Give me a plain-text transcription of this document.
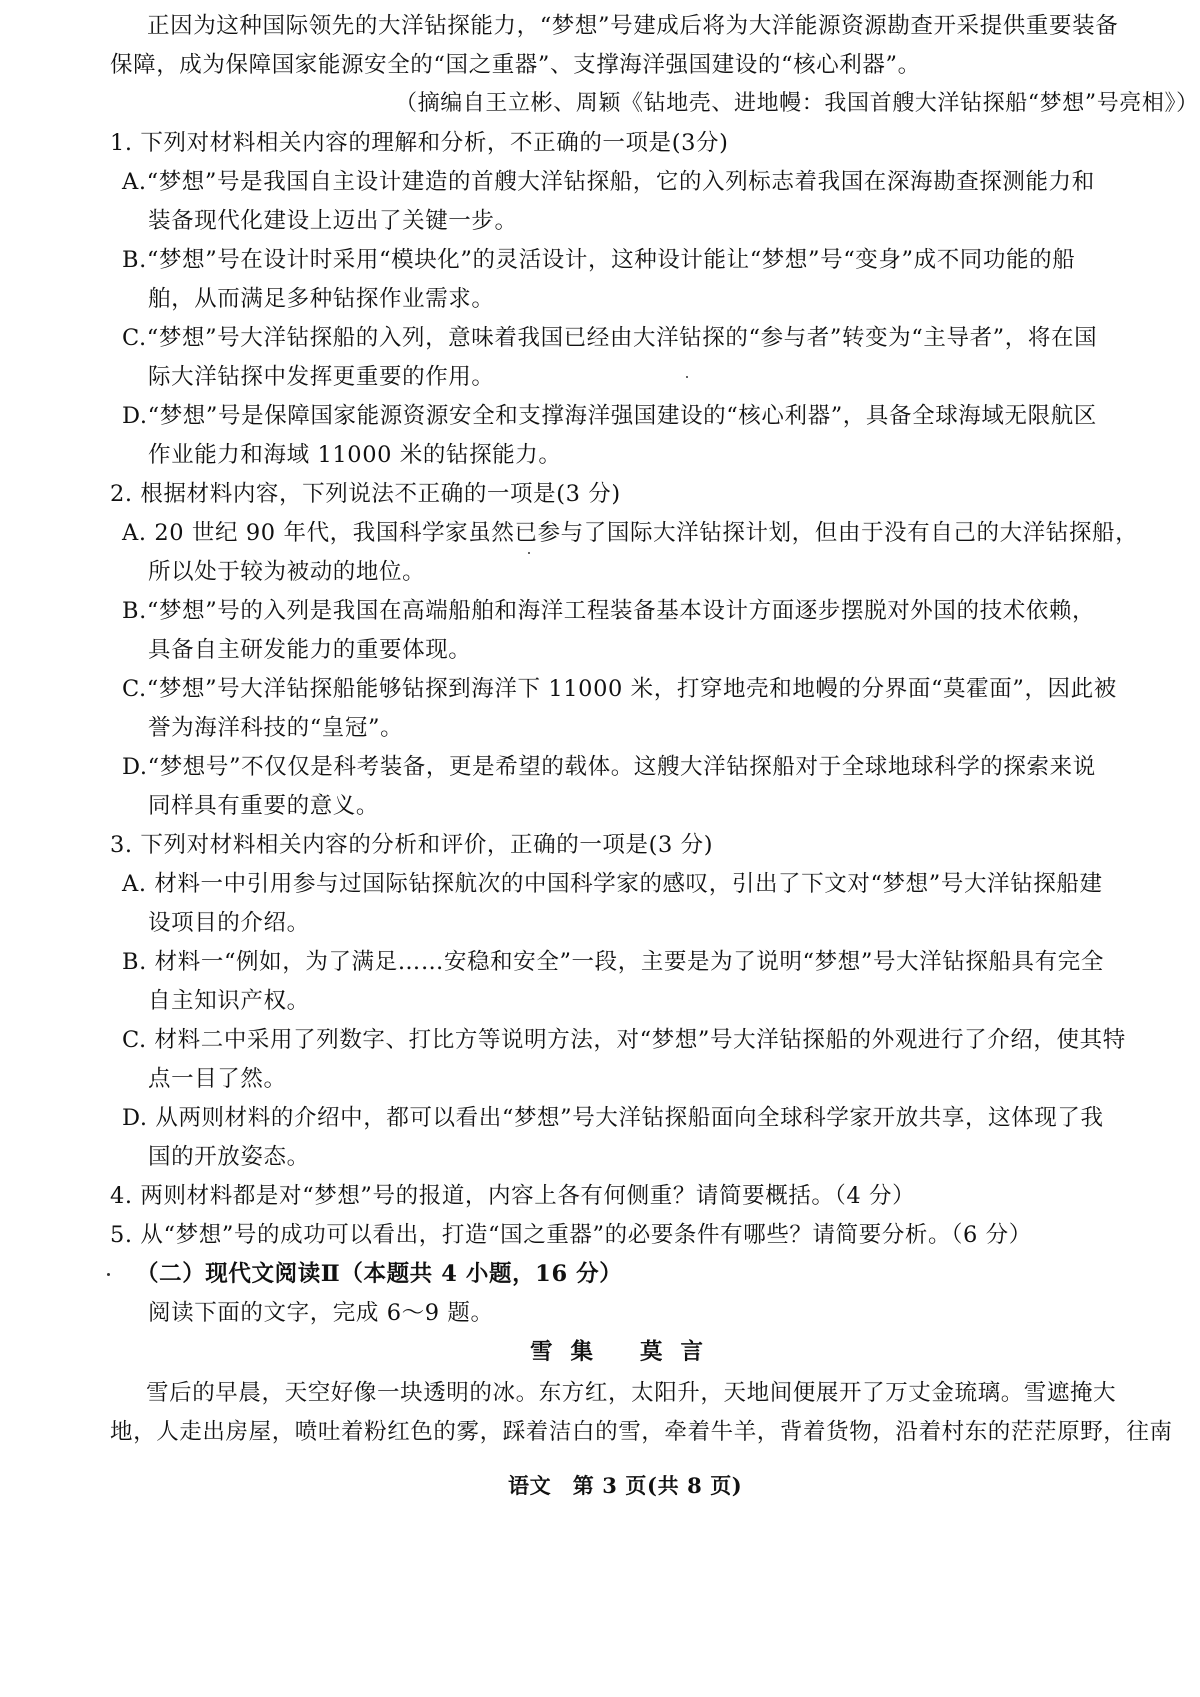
正因为这种国际领先的大洋钻探能力，“梦想”号建成后将为大洋能源资源勘查开采提供重要装备
保障，成为保障国家能源安全的“国之重器”、支撑海洋强国建设的“核心利器”。
（摘编自王立彬、周颖《钻地壳、进地幔：我国首艘大洋钻探船“梦想”号亮相》）
1. 下列对材料相关内容的理解和分析，不正确的一项是(3分)
A.“梦想”号是我国自主设计建造的首艘大洋钻探船，它的入列标志着我国在深海勘查探测能力和
装备现代化建设上迈出了关键一步。
B.“梦想”号在设计时采用“模块化”的灵活设计，这种设计能让“梦想”号“变身”成不同功能的船
舶，从而满足多种钻探作业需求。
C.“梦想”号大洋钻探船的入列，意味着我国已经由大洋钻探的“参与者”转变为“主导者”，将在国
际大洋钻探中发挥更重要的作用。
D.“梦想”号是保障国家能源资源安全和支撑海洋强国建设的“核心利器”，具备全球海域无限航区
作业能力和海域 11000 米的钻探能力。
2. 根据材料内容，下列说法不正确的一项是(3 分)
A. 20 世纪 90 年代，我国科学家虽然已参与了国际大洋钻探计划，但由于没有自己的大洋钻探船，
所以处于较为被动的地位。
B.“梦想”号的入列是我国在高端船舶和海洋工程装备基本设计方面逐步摆脱对外国的技术依赖，
具备自主研发能力的重要体现。
C.“梦想”号大洋钻探船能够钻探到海洋下 11000 米，打穿地壳和地幔的分界面“莫霍面”，因此被
誉为海洋科技的“皇冠”。
D.“梦想号”不仅仅是科考装备，更是希望的载体。这艘大洋钻探船对于全球地球科学的探索来说
同样具有重要的意义。
3. 下列对材料相关内容的分析和评价，正确的一项是(3 分)
A. 材料一中引用参与过国际钻探航次的中国科学家的感叹，引出了下文对“梦想”号大洋钻探船建
设项目的介绍。
B. 材料一“例如，为了满足……安稳和安全”一段，主要是为了说明“梦想”号大洋钻探船具有完全
自主知识产权。
C. 材料二中采用了列数字、打比方等说明方法，对“梦想”号大洋钻探船的外观进行了介绍，使其特
点一目了然。
D. 从两则材料的介绍中，都可以看出“梦想”号大洋钻探船面向全球科学家开放共享，这体现了我
国的开放姿态。
4. 两则材料都是对“梦想”号的报道，内容上各有何侧重？请简要概括。（4 分）
5. 从“梦想”号的成功可以看出，打造“国之重器”的必要条件有哪些？请简要分析。（6 分）
（二）现代文阅读Ⅱ（本题共 4 小题，16 分）
阅读下面的文字，完成 6～9 题。
雪集 莫言
雪后的早晨，天空好像一块透明的冰。东方红，太阳升，天地间便展开了万丈金琉璃。雪遮掩大
地，人走出房屋，喷吐着粉红色的雾，踩着洁白的雪，牵着牛羊，背着货物，沿着村东的茫茫原野，往南
语文　第 3 页(共 8 页)
